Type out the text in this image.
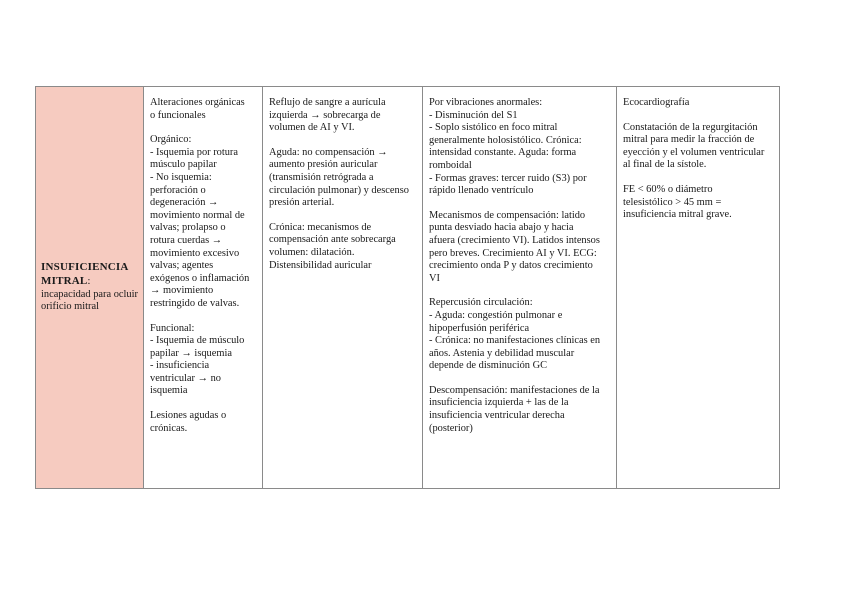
INSUFICIENCIA MITRAL:
incapacidad para ocluir orificio mitral

Alteraciones orgánicas
o funcionales
Orgánico:
- Isquemia por rotura
músculo papilar
- No isquemia:
perforación o
degeneración →
movimiento normal de
valvas; prolapso o
rotura cuerdas →
movimiento excesivo
valvas; agentes
exógenos o inflamación
→ movimiento
restringido de valvas.
Funcional:
- Isquemia de músculo
papilar → isquemia
- insuficiencia
ventricular → no
isquemia
Lesiones agudas o
crónicas.

Reflujo de sangre a aurícula
izquierda → sobrecarga de
volumen de AI y VI.
Aguda: no compensación →
aumento presión auricular
(transmisión retrógrada a
circulación pulmonar) y descenso
presión arterial.
Crónica: mecanismos de
compensación ante sobrecarga
volumen: dilatación.
Distensibilidad auricular

Por vibraciones anormales:
- Disminución del S1
- Soplo sistólico en foco mitral
generalmente holosistólico. Crónica:
intensidad constante. Aguda: forma
romboidal
- Formas graves: tercer ruido (S3) por
rápido llenado ventrículo
Mecanismos de compensación: latido
punta desviado hacia abajo y hacia
afuera (crecimiento VI). Latidos intensos
pero breves. Crecimiento AI y VI. ECG:
crecimiento onda P y datos crecimiento
VI
Repercusión circulación:
- Aguda: congestión pulmonar e
hipoperfusión periférica
- Crónica: no manifestaciones clínicas en
años. Astenia y debilidad muscular
depende de disminución GC
Descompensación: manifestaciones de la
insuficiencia izquierda + las de la
insuficiencia ventricular derecha
(posterior)

Ecocardiografía
Constatación de la regurgitación
mitral para medir la fracción de
eyección y el volumen ventricular
al final de la sístole.
FE < 60% o diámetro
telesistólico > 45 mm =
insuficiencia mitral grave.
